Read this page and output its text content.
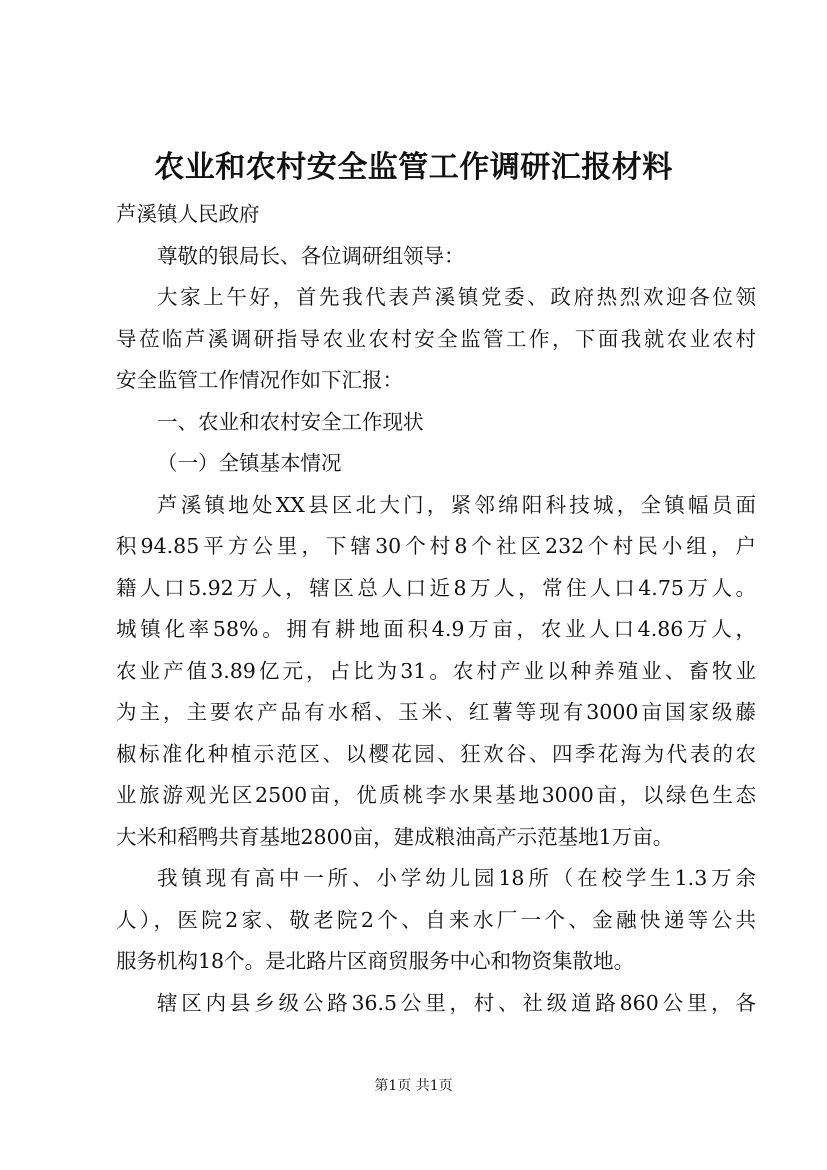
农业和农村安全监管工作调研汇报材料
芦溪镇人民政府
尊敬的银局长、各位调研组领导：
大家上午好，首先我代表芦溪镇党委、政府热烈欢迎各位领
导莅临芦溪调研指导农业农村安全监管工作，下面我就农业农村
安全监管工作情况作如下汇报：
一、农业和农村安全工作现状
（一）全镇基本情况
芦溪镇地处XX县区北大门，紧邻绵阳科技城，全镇幅员面
积94.85平方公里，下辖30个村8个社区232个村民小组，户
籍人口5.92万人，辖区总人口近8万人，常住人口4.75万人。
城镇化率58%。拥有耕地面积4.9万亩，农业人口4.86万人，
农业产值3.89亿元，占比为31。农村产业以种养殖业、畜牧业
为主，主要农产品有水稻、玉米、红薯等现有3000亩国家级藤
椒标准化种植示范区、以樱花园、狂欢谷、四季花海为代表的农
业旅游观光区2500亩，优质桃李水果基地3000亩，以绿色生态
大米和稻鸭共育基地2800亩，建成粮油高产示范基地1万亩。
我镇现有高中一所、小学幼儿园18所（在校学生1.3万余
人），医院2家、敬老院2个、自来水厂一个、金融快递等公共
服务机构18个。是北路片区商贸服务中心和物资集散地。
辖区内县乡级公路36.5公里，村、社级道路860公里，各
第1页 共1页
